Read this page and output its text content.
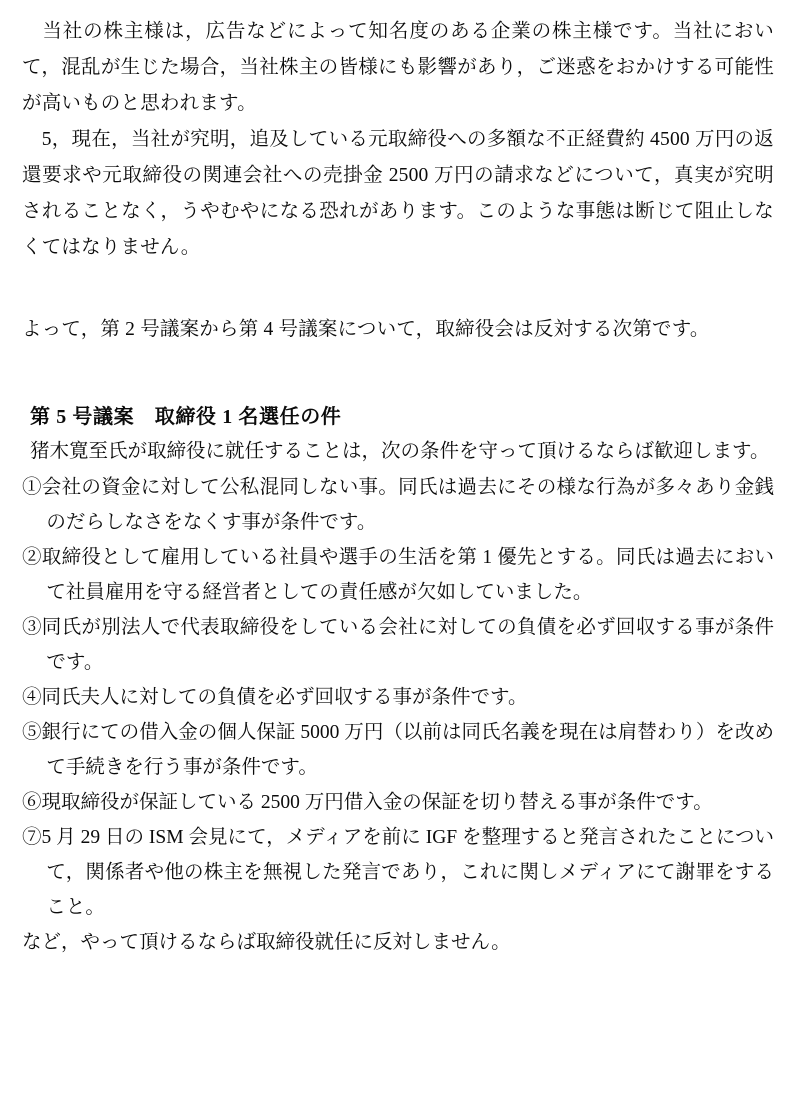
　当社の株主様は，広告などによって知名度のある企業の株主様です。当社において，混乱が生じた場合，当社株主の皆様にも影響があり，ご迷惑をおかけする可能性が高いものと思われます。

　5，現在，当社が究明，追及している元取締役への多額な不正経費約 4500 万円の返還要求や元取締役の関連会社への売掛金 2500 万円の請求などについて，真実が究明されることなく，うやむやになる恐れがあります。このような事態は断じて阻止しなくてはなりません。

よって，第 2 号議案から第 4 号議案について，取締役会は反対する次第です。

第 5 号議案　取締役 1 名選任の件

猪木寛至氏が取締役に就任することは，次の条件を守って頂けるならば歓迎します。

①会社の資金に対して公私混同しない事。同氏は過去にその様な行為が多々あり金銭のだらしなさをなくす事が条件です。
②取締役として雇用している社員や選手の生活を第 1 優先とする。同氏は過去において社員雇用を守る経営者としての責任感が欠如していました。
③同氏が別法人で代表取締役をしている会社に対しての負債を必ず回収する事が条件です。
④同氏夫人に対しての負債を必ず回収する事が条件です。
⑤銀行にての借入金の個人保証 5000 万円（以前は同氏名義を現在は肩替わり）を改めて手続きを行う事が条件です。
⑥現取締役が保証している 2500 万円借入金の保証を切り替える事が条件です。
⑦5 月 29 日の ISM 会見にて，メディアを前に IGF を整理すると発言されたことについて，関係者や他の株主を無視した発言であり，これに関しメディアにて謝罪をすること。

など，やって頂けるならば取締役就任に反対しません。
